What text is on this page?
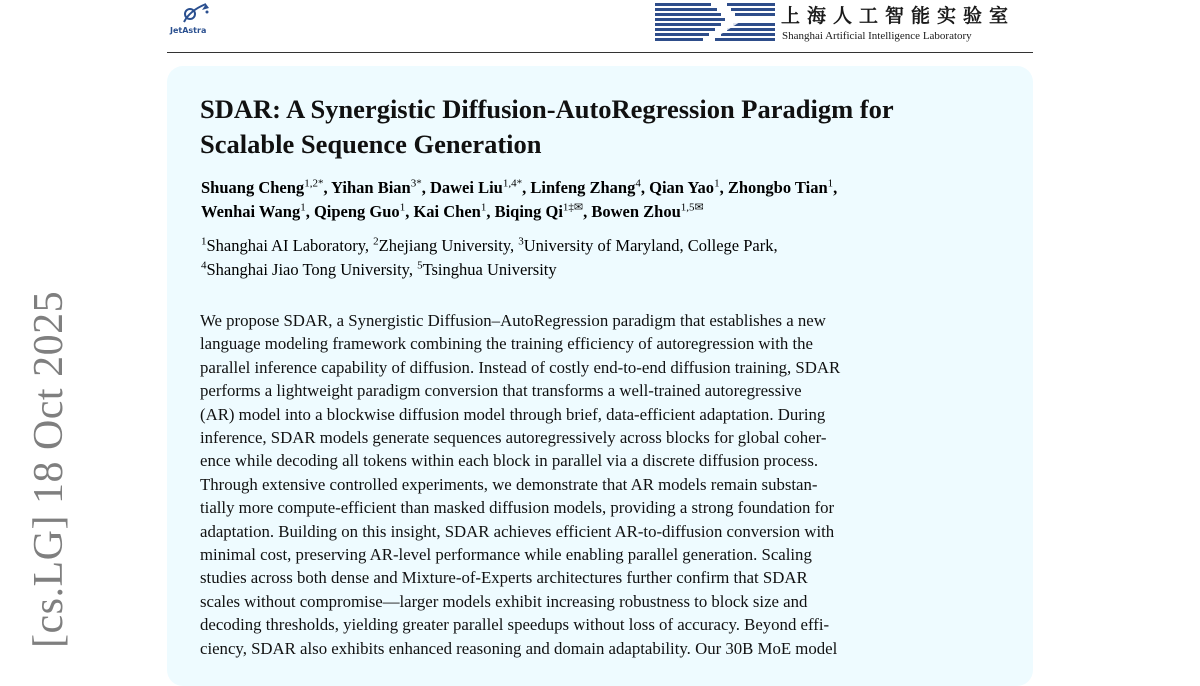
JetAstra
上海人工智能实验室
Shanghai Artificial Intelligence Laboratory
[cs.LG] 18 Oct 2025
SDAR: A Synergistic Diffusion-AutoRegression Paradigm for
Scalable Sequence Generation
Shuang Cheng$^{1,2*}$, Yihan Bian$^{3*}$, Dawei Liu$^{1,4*}$, Linfeng Zhang$^4$, Qian Yao$^1$, Zhongbo Tian$^1$,
Wenhai Wang$^1$, Qipeng Guo$^1$, Kai Chen$^1$, Biqing $Qi^{1\ddagger✉}$, Bowen Zhou$^{1,5✉}$
$^1$Shanghai AI Laboratory, $^2$Zhejiang University, $^3$University of Maryland, College Park,
$^4$Shanghai Jiao Tong University, $^5$Tsinghua University
We propose SDAR, a Synergistic Diffusion–AutoRegression paradigm that establishes a new
language modeling framework combining the training efficiency of autoregression with the
parallel inference capability of diffusion. Instead of costly end-to-end diffusion training, SDAR
performs a lightweight paradigm conversion that transforms a well-trained autoregressive
(AR) model into a blockwise diffusion model through brief, data-efficient adaptation. During
inference, SDAR models generate sequences autoregressively across blocks for global coher-
ence while decoding all tokens within each block in parallel via a discrete diffusion process.
Through extensive controlled experiments, we demonstrate that AR models remain substan-
tially more compute-efficient than masked diffusion models, providing a strong foundation for
adaptation. Building on this insight, SDAR achieves efficient AR-to-diffusion conversion with
minimal cost, preserving AR-level performance while enabling parallel generation. Scaling
studies across both dense and Mixture-of-Experts architectures further confirm that SDAR
scales without compromise—larger models exhibit increasing robustness to block size and
decoding thresholds, yielding greater parallel speedups without loss of accuracy. Beyond effi-
ciency, SDAR also exhibits enhanced reasoning and domain adaptability. Our 30B MoE model
